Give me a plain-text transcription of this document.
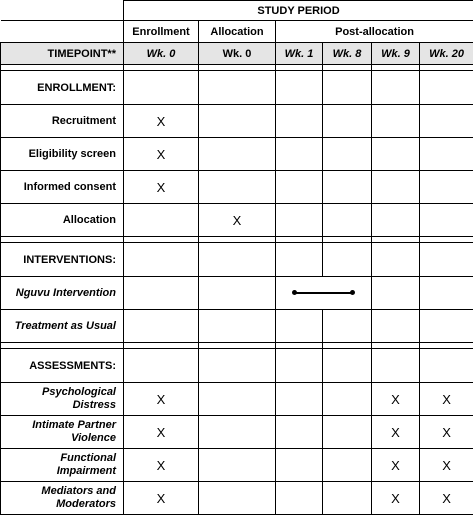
	STUDY PERIOD					
	Enrollment	Allocation	Post-allocation			
TIMEPOINT**	Wk. 0	Wk. 0	Wk. 1	Wk. 8	Wk. 9	Wk. 20

ENROLLMENT:						
Recruitment	X					
Eligibility screen	X					
Informed consent	X					
Allocation		X				

INTERVENTIONS:						
Nguvu Intervention				

Treatment as Usual						

ASSESSMENTS:						
Psychological Distress	X				X	X
Intimate Partner Violence	X				X	X
Functional Impairment	X				X	X
Mediators and Moderators	X				X	X
